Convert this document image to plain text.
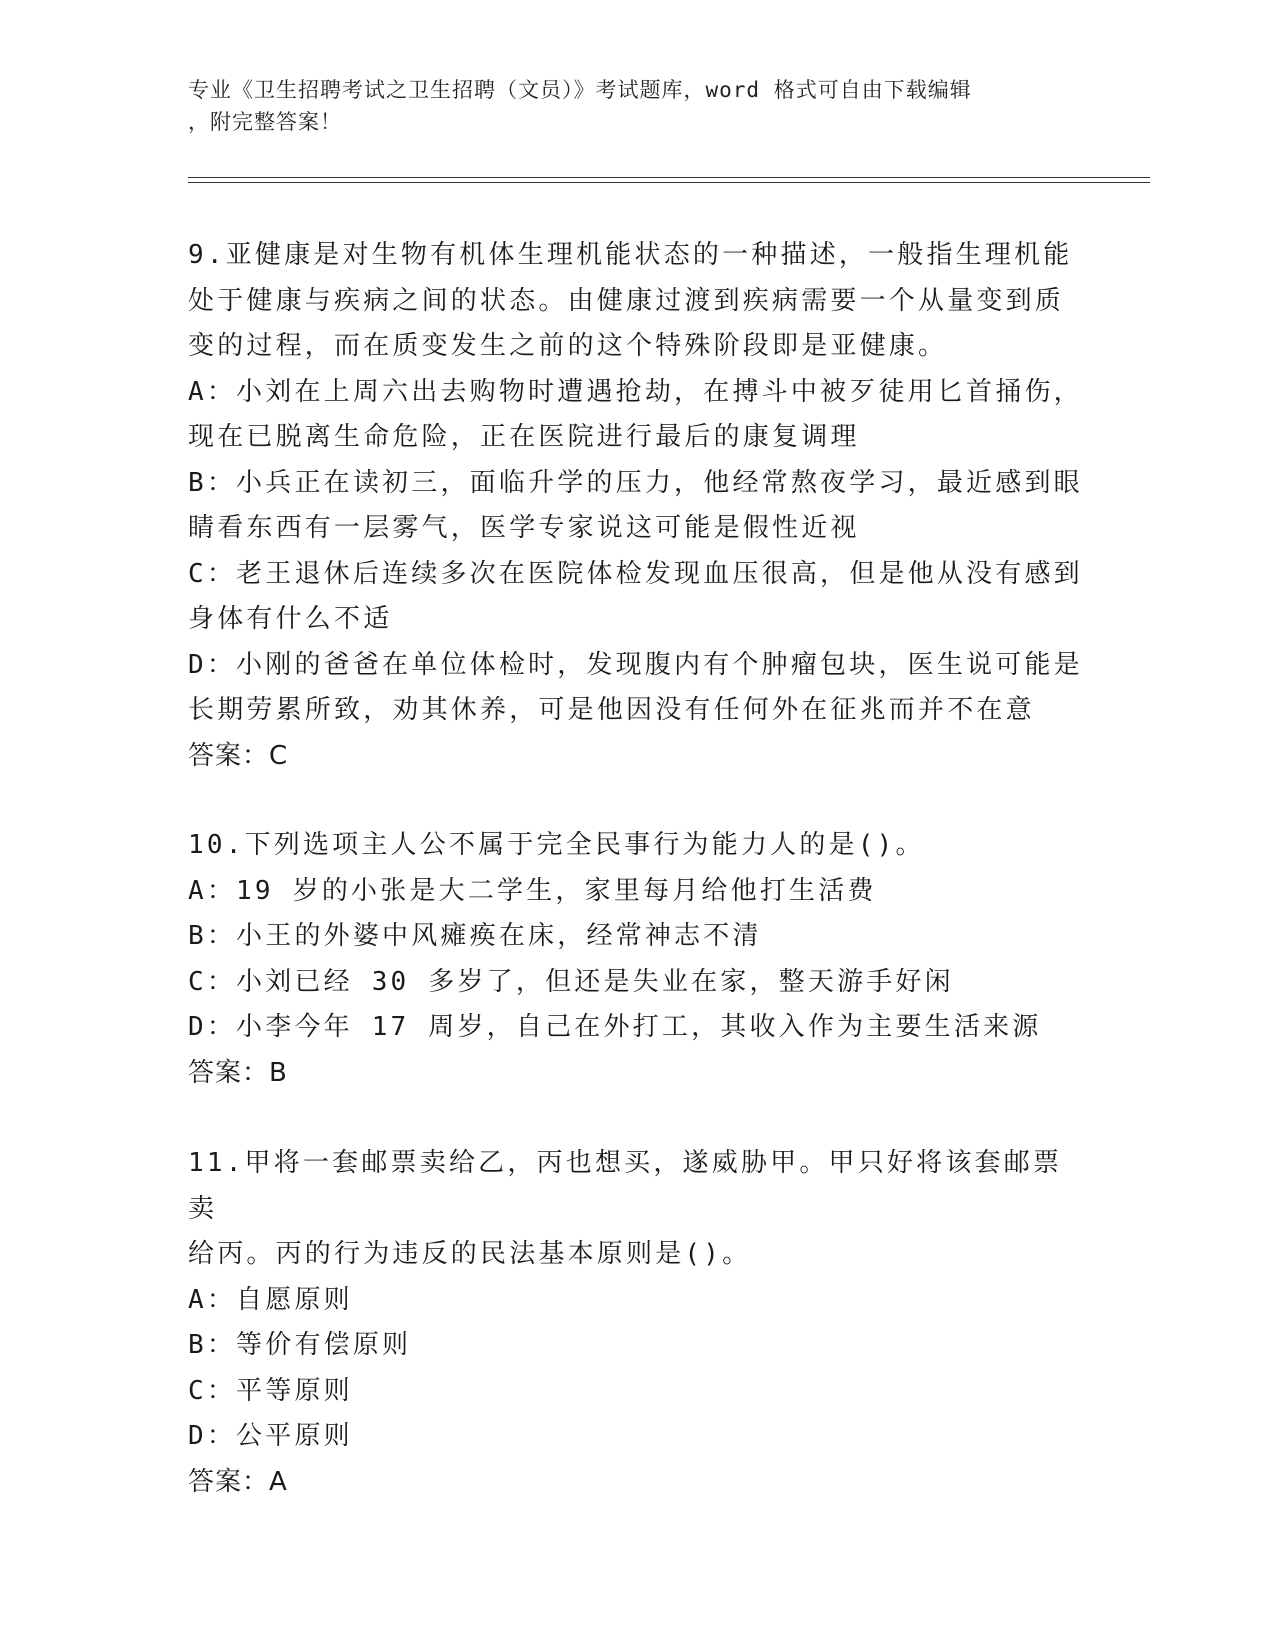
专业《卫生招聘考试之卫生招聘（文员）》考试题库，word 格式可自由下载编辑
，附完整答案！

9.亚健康是对生物有机体生理机能状态的一种描述，一般指生理机能

处于健康与疾病之间的状态。由健康过渡到疾病需要一个从量变到质

变的过程，而在质变发生之前的这个特殊阶段即是亚健康。

A：小刘在上周六出去购物时遭遇抢劫，在搏斗中被歹徒用匕首捅伤，

现在已脱离生命危险，正在医院进行最后的康复调理

B：小兵正在读初三，面临升学的压力，他经常熬夜学习，最近感到眼

睛看东西有一层雾气，医学专家说这可能是假性近视

C：老王退休后连续多次在医院体检发现血压很高，但是他从没有感到

身体有什么不适

D：小刚的爸爸在单位体检时，发现腹内有个肿瘤包块，医生说可能是

长期劳累所致，劝其休养，可是他因没有任何外在征兆而并不在意

答案：C

10.下列选项主人公不属于完全民事行为能力人的是()。

A：19 岁的小张是大二学生，家里每月给他打生活费

B：小王的外婆中风瘫痪在床，经常神志不清

C：小刘已经 30 多岁了，但还是失业在家，整天游手好闲

D：小李今年 17 周岁，自己在外打工，其收入作为主要生活来源

答案：B

11.甲将一套邮票卖给乙，丙也想买，遂威胁甲。甲只好将该套邮票卖

给丙。丙的行为违反的民法基本原则是()。

A：自愿原则

B：等价有偿原则

C：平等原则

D：公平原则

答案：A
